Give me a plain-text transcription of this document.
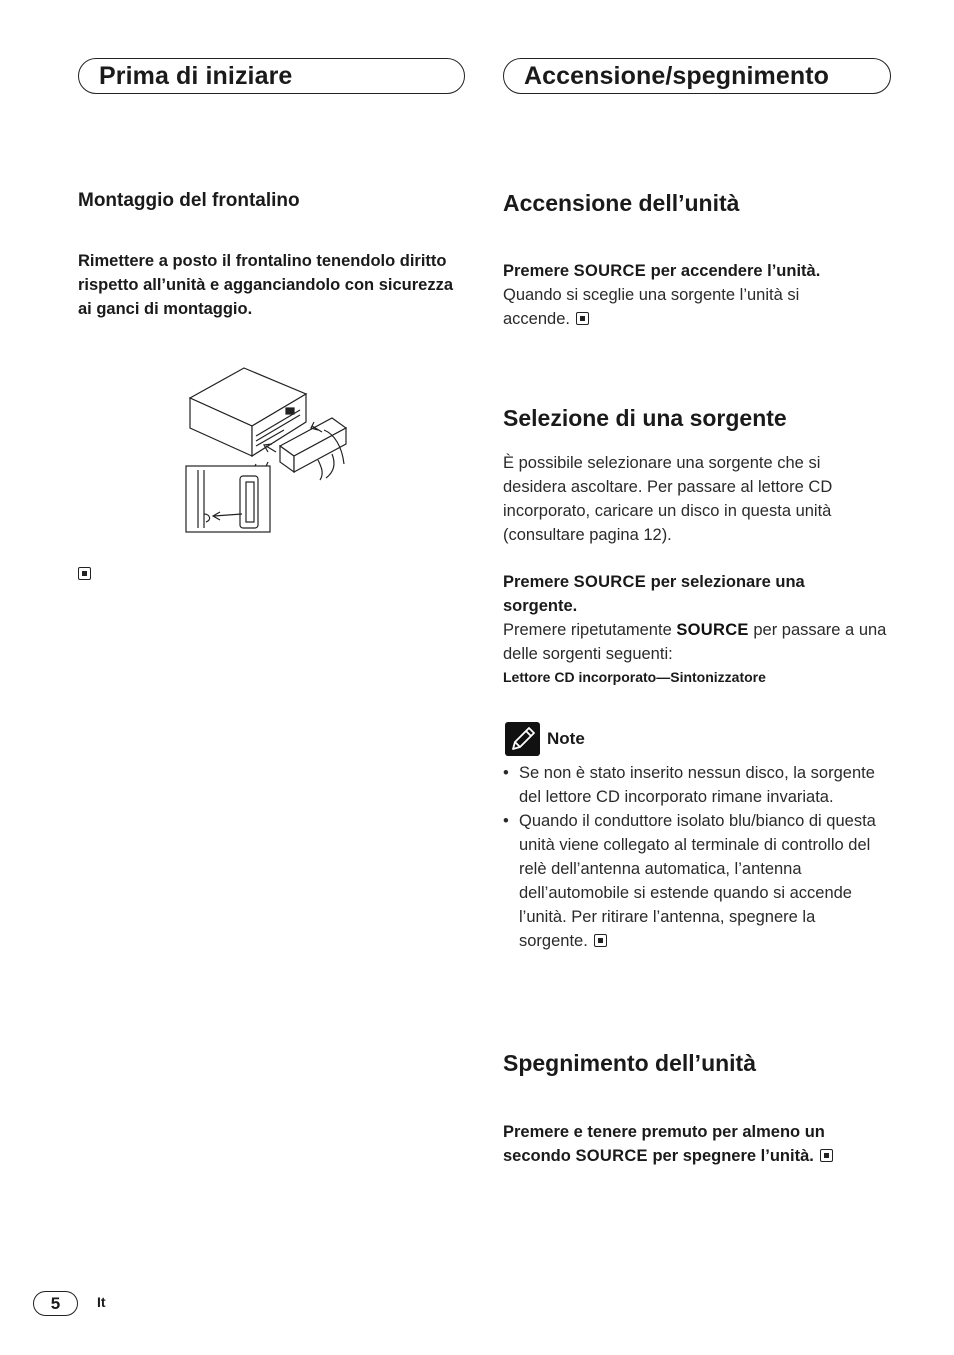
Prima di iniziare	Accensione/spegnimento
Montaggio del frontalino
Rimettere a posto il frontalino tenendolo diritto rispetto all’unità e agganciandolo con sicurezza ai ganci di montaggio.
Accensione dell’unità
Premere SOURCE per accendere l’unità.
Quando si sceglie una sorgente l’unità si accende.
Selezione di una sorgente
È possibile selezionare una sorgente che si desidera ascoltare. Per passare al lettore CD incorporato, caricare un disco in questa unità (consultare pagina 12).
Premere SOURCE per selezionare una sorgente.
Premere ripetutamente SOURCE per passare a una delle sorgenti seguenti:
Lettore CD incorporato—Sintonizzatore
Note
• Se non è stato inserito nessun disco, la sorgente del lettore CD incorporato rimane invariata.
• Quando il conduttore isolato blu/bianco di questa unità viene collegato al terminale di controllo del relè dell’antenna automatica, l’antenna dell’automobile si estende quando si accende l’unità. Per ritirare l’antenna, spegnere la sorgente.
Spegnimento dell’unità
Premere e tenere premuto per almeno un secondo SOURCE per spegnere l’unità.
5	It
